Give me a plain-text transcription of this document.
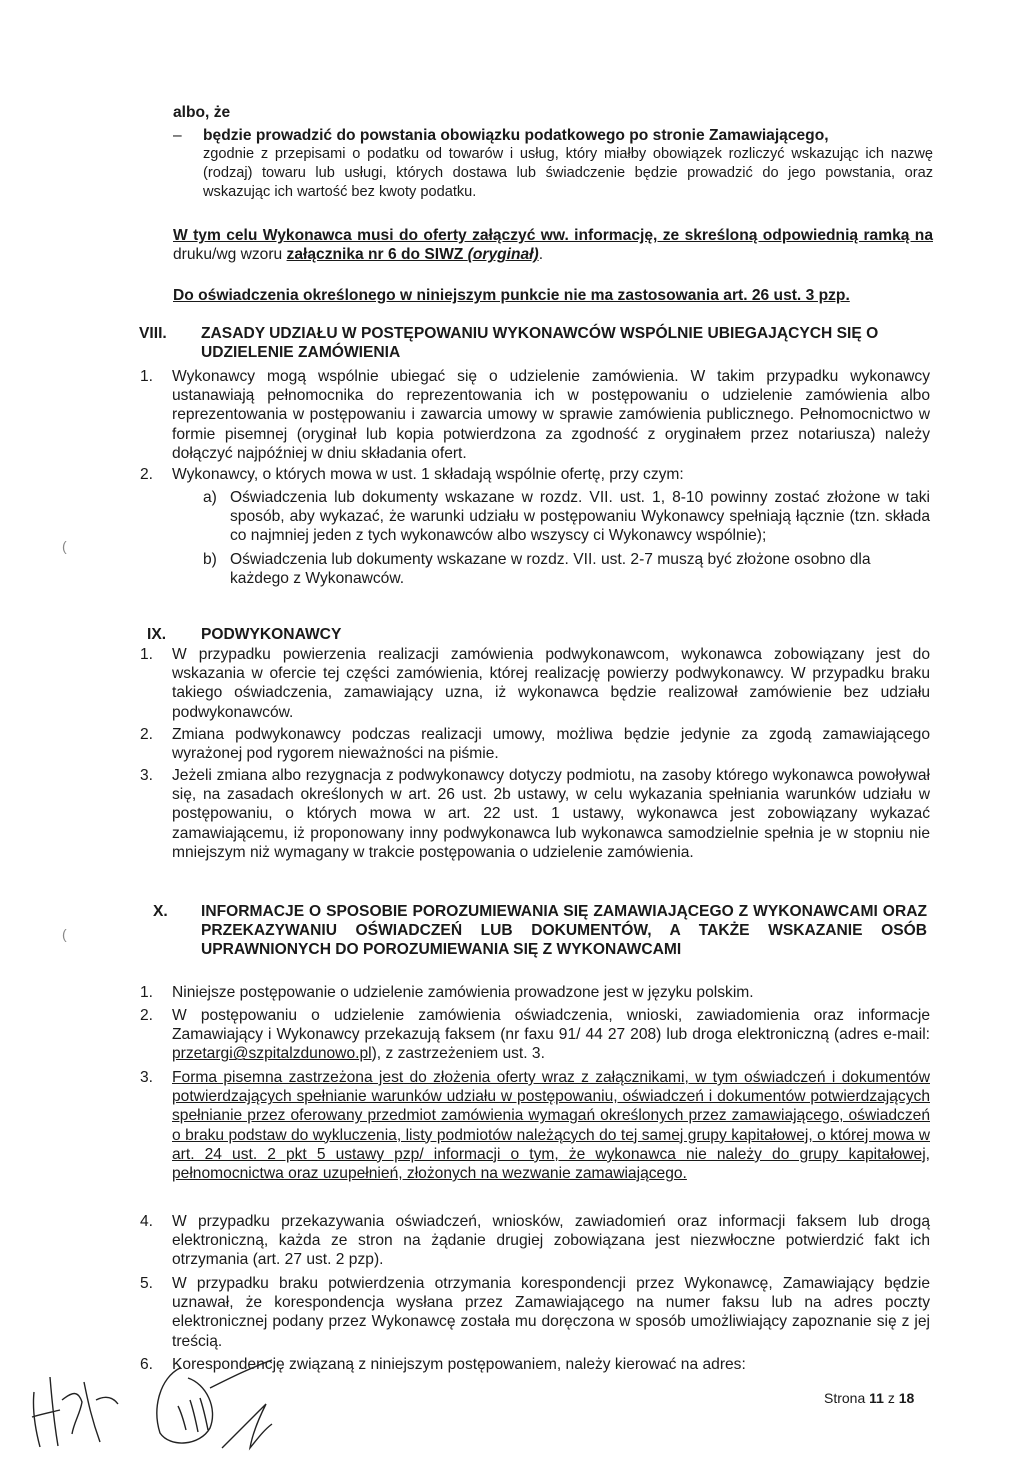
albo, że
– będzie prowadzić do powstania obowiązku podatkowego po stronie Zamawiającego,
zgodnie z przepisami o podatku od towarów i usług, który miałby obowiązek rozliczyć wskazując ich nazwę (rodzaj) towaru lub usługi, których dostawa lub świadczenie będzie prowadzić do jego powstania, oraz wskazując ich wartość bez kwoty podatku.
W tym celu Wykonawca musi do oferty załączyć ww. informację, ze skreśloną odpowiednią ramką na druku/wg wzoru załącznika nr 6 do SIWZ (oryginał).
Do oświadczenia określonego w niniejszym punkcie nie ma zastosowania art. 26 ust. 3 pzp.
VIII. ZASADY UDZIAŁU W POSTĘPOWANIU WYKONAWCÓW WSPÓLNIE UBIEGAJĄCYCH SIĘ O UDZIELENIE ZAMÓWIENIA
1. Wykonawcy mogą wspólnie ubiegać się o udzielenie zamówienia. W takim przypadku wykonawcy ustanawiają pełnomocnika do reprezentowania ich w postępowaniu o udzielenie zamówienia albo reprezentowania w postępowaniu i zawarcia umowy w sprawie zamówienia publicznego. Pełnomocnictwo w formie pisemnej (oryginał lub kopia potwierdzona za zgodność z oryginałem przez notariusza) należy dołączyć najpóźniej w dniu składania ofert.
2. Wykonawcy, o których mowa w ust. 1 składają wspólnie ofertę, przy czym:
a) Oświadczenia lub dokumenty wskazane w rozdz. VII. ust. 1, 8-10 powinny zostać złożone w taki sposób, aby wykazać, że warunki udziału w postępowaniu Wykonawcy spełniają łącznie (tzn. składa co najmniej jeden z tych wykonawców albo wszyscy ci Wykonawcy wspólnie);
b) Oświadczenia lub dokumenty wskazane w rozdz. VII. ust. 2-7 muszą być złożone osobno dla każdego z Wykonawców.
IX. PODWYKONAWCY
1. W przypadku powierzenia realizacji zamówienia podwykonawcom, wykonawca zobowiązany jest do wskazania w ofercie tej części zamówienia, której realizację powierzy podwykonawcy. W przypadku braku takiego oświadczenia, zamawiający uzna, iż wykonawca będzie realizował zamówienie bez udziału podwykonawców.
2. Zmiana podwykonawcy podczas realizacji umowy, możliwa będzie jedynie za zgodą zamawiającego wyrażonej pod rygorem nieważności na piśmie.
3. Jeżeli zmiana albo rezygnacja z podwykonawcy dotyczy podmiotu, na zasoby którego wykonawca powoływał się, na zasadach określonych w art. 26 ust. 2b ustawy, w celu wykazania spełniania warunków udziału w postępowaniu, o których mowa w art. 22 ust. 1 ustawy, wykonawca jest zobowiązany wykazać zamawiającemu, iż proponowany inny podwykonawca lub wykonawca samodzielnie spełnia je w stopniu nie mniejszym niż wymagany w trakcie postępowania o udzielenie zamówienia.
X. INFORMACJE O SPOSOBIE POROZUMIEWANIA SIĘ ZAMAWIAJĄCEGO Z WYKONAWCAMI ORAZ PRZEKAZYWANIU OŚWIADCZEŃ LUB DOKUMENTÓW, A TAKŻE WSKAZANIE OSÓB UPRAWNIONYCH DO POROZUMIEWANIA SIĘ Z WYKONAWCAMI
1. Niniejsze postępowanie o udzielenie zamówienia prowadzone jest w języku polskim.
2. W postępowaniu o udzielenie zamówienia oświadczenia, wnioski, zawiadomienia oraz informacje Zamawiający i Wykonawcy przekazują faksem (nr faxu 91/ 44 27 208) lub droga elektroniczną (adres e-mail: przetargi@szpitalzdunowo.pl), z zastrzeżeniem ust. 3.
3. Forma pisemna zastrzeżona jest do złożenia oferty wraz z załącznikami, w tym oświadczeń i dokumentów potwierdzających spełnianie warunków udziału w postępowaniu, oświadczeń i dokumentów potwierdzających spełnianie przez oferowany przedmiot zamówienia wymagań określonych przez zamawiającego, oświadczeń o braku podstaw do wykluczenia, listy podmiotów należących do tej samej grupy kapitałowej, o której mowa w art. 24 ust. 2 pkt 5 ustawy pzp/ informacji o tym, że wykonawca nie należy do grupy kapitałowej, pełnomocnictwa oraz uzupełnień, złożonych na wezwanie zamawiającego.
4. W przypadku przekazywania oświadczeń, wniosków, zawiadomień oraz informacji faksem lub drogą elektroniczną, każda ze stron na żądanie drugiej zobowiązana jest niezwłoczne potwierdzić fakt ich otrzymania (art. 27 ust. 2 pzp).
5. W przypadku braku potwierdzenia otrzymania korespondencji przez Wykonawcę, Zamawiający będzie uznawał, że korespondencja wysłana przez Zamawiającego na numer faksu lub na adres poczty elektronicznej podany przez Wykonawcę została mu doręczona w sposób umożliwiający zapoznanie się z jej treścią.
6. Korespondencję związaną z niniejszym postępowaniem, należy kierować na adres:
(
(
Strona 11 z 18
